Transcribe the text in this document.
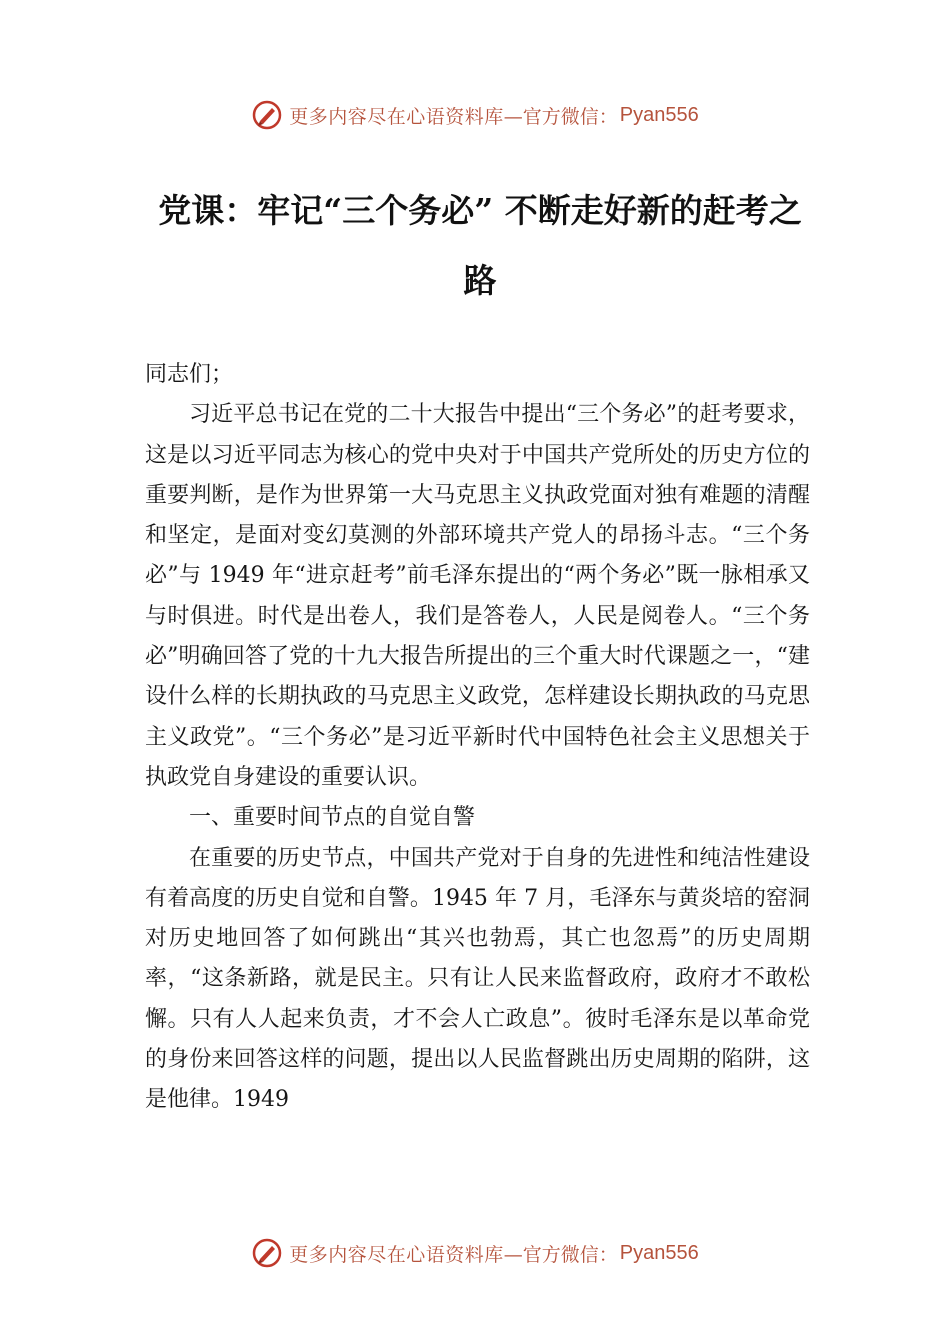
更多内容尽在心语资料库 —官方微信： Pyan556
党课：牢记“三个务必” 不断走好新的赶考之路

同志们；

习近平总书记在党的二十大报告中提出“三个务必”的赶考要求，这是以习近平同志为核心的党中央对于中国共产党所处的历史方位的重要判断，是作为世界第一大马克思主义执政党面对独有难题的清醒和坚定，是面对变幻莫测的外部环境共产党人的昂扬斗志。“三个务必”与 1949 年“进京赶考”前毛泽东提出的“两个务必”既一脉相承又与时俱进。时代是出卷人，我们是答卷人，人民是阅卷人。“三个务必”明确回答了党的十九大报告所提出的三个重大时代课题之一，“建设什么样的长期执政的马克思主义政党，怎样建设长期执政的马克思主义政党”。“三个务必”是习近平新时代中国特色社会主义思想关于执政党自身建设的重要认识。

一、重要时间节点的自觉自警

在重要的历史节点，中国共产党对于自身的先进性和纯洁性建设有着高度的历史自觉和自警。1945 年 7 月，毛泽东与黄炎培的窑洞对历史地回答了如何跳出“其兴也勃焉，其亡也忽焉”的历史周期率，“这条新路，就是民主。只有让人民来监督政府，政府才不敢松懈。只有人人起来负责，才不会人亡政息”。彼时毛泽东是以革命党的身份来回答这样的问题，提出以人民监督跳出历史周期的陷阱，这是他律。1949

更多内容尽在心语资料库 —官方微信： Pyan556
